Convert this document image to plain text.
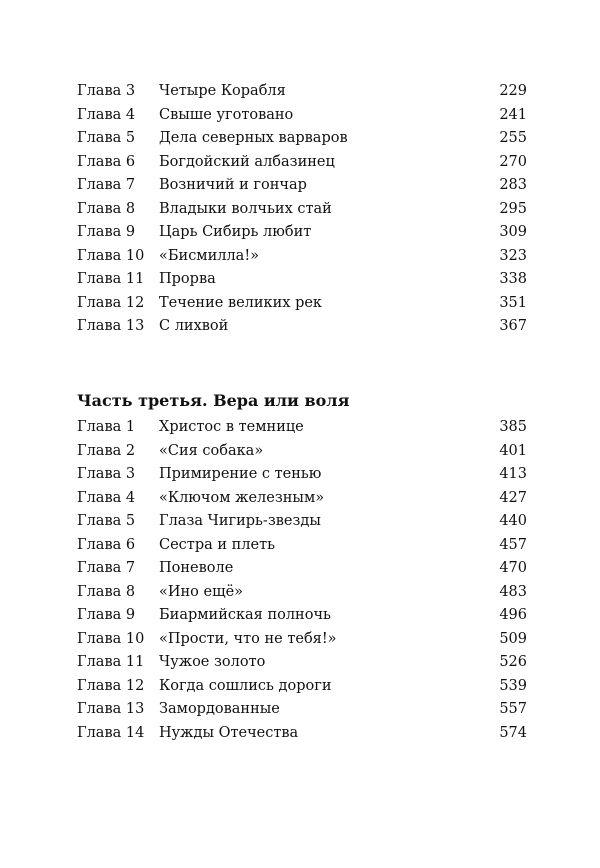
Глава 3 Четыре Корабля	229
Глава 4 Свыше уготовано	241
Глава 5 Дела северных варваров	255
Глава 6 Богдойский албазинец	270
Глава 7 Возничий и гончар	283
Глава 8 Владыки волчьих стай	295
Глава 9 Царь Сибирь любит	309
Глава 10 «Бисмилла!»	323
Глава 11 Прорва	338
Глава 12 Течение великих рек	351
Глава 13 С лихвой	367
Часть третья. Вера или воля
Глава 1 Христос в темнице	385
Глава 2 «Сия собака»	401
Глава 3 Примирение с тенью	413
Глава 4 «Ключом железным»	427
Глава 5 Глаза Чигирь-звезды	440
Глава 6 Сестра и плеть	457
Глава 7 Поневоле	470
Глава 8 «Ино ещё»	483
Глава 9 Биармийская полночь	496
Глава 10 «Прости, что не тебя!»	509
Глава 11 Чужое золото	526
Глава 12 Когда сошлись дороги	539
Глава 13 Замордованные	557
Глава 14 Нужды Отечества	574
